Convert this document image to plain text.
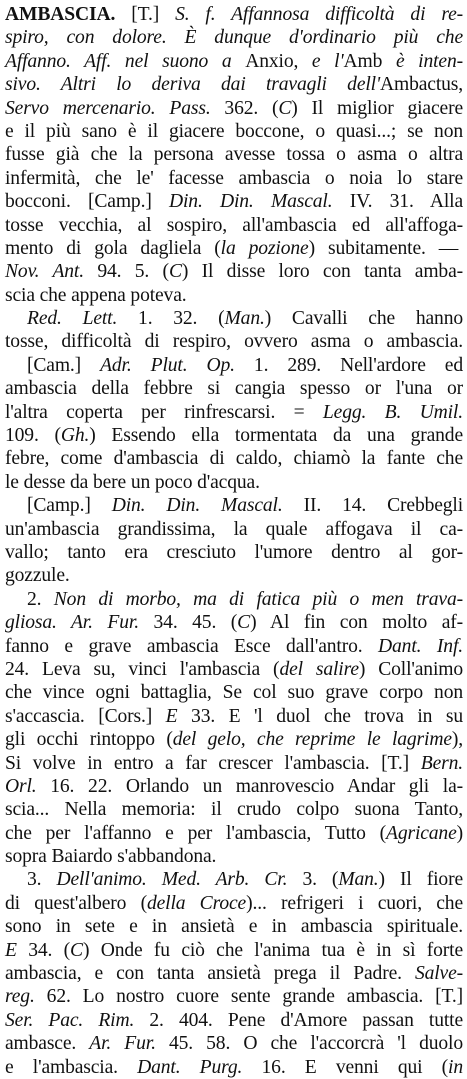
AMBASCIA. [T.] S. f. Affannosa difficoltà di re-
spiro, con dolore. È dunque d'ordinario più che
Affanno. Aff. nel suono a Anxio, e l'Amb è inten-
sivo. Altri lo deriva dai travagli dell'Ambactus,
Servo mercenario. Pass. 362. (C) Il miglior giacere
e il più sano è il giacere boccone, o quasi...; se non
fusse già che la persona avesse tossa o asma o altra
infermità, che le' facesse ambascia o noia lo stare
bocconi. [Camp.] Din. Din. Mascal. IV. 31. Alla
tosse vecchia, al sospiro, all'ambascia ed all'affoga-
mento di gola dagliela (la pozione) subitamente. —
Nov. Ant. 94. 5. (C) Il disse loro con tanta amba-
scia che appena poteva.
Red. Lett. 1. 32. (Man.) Cavalli che hanno
tosse, difficoltà di respiro, ovvero asma o ambascia.
[Cam.] Adr. Plut. Op. 1. 289. Nell'ardore ed
ambascia della febbre si cangia spesso or l'una or
l'altra coperta per rinfrescarsi. = Legg. B. Umil.
109. (Gh.) Essendo ella tormentata da una grande
febre, come d'ambascia di caldo, chiamò la fante che
le desse da bere un poco d'acqua.
[Camp.] Din. Din. Mascal. II. 14. Crebbegli
un'ambascia grandissima, la quale affogava il ca-
vallo; tanto era cresciuto l'umore dentro al gor-
gozzule.
2. Non di morbo, ma di fatica più o men trava-
gliosa. Ar. Fur. 34. 45. (C) Al fin con molto af-
fanno e grave ambascia Esce dall'antro. Dant. Inf.
24. Leva su, vinci l'ambascia (del salire) Coll'animo
che vince ogni battaglia, Se col suo grave corpo non
s'accascia. [Cors.] E 33. E 'l duol che trova in su
gli occhi rintoppo (del gelo, che reprime le lagrime),
Si volve in entro a far crescer l'ambascia. [T.] Bern.
Orl. 16. 22. Orlando un manrovescio Andar gli la-
scia... Nella memoria: il crudo colpo suona Tanto,
che per l'affanno e per l'ambascia, Tutto (Agricane)
sopra Baiardo s'abbandona.
3. Dell'animo. Med. Arb. Cr. 3. (Man.) Il fiore
di quest'albero (della Croce)... refrigeri i cuori, che
sono in sete e in ansietà e in ambascia spirituale.
E 34. (C) Onde fu ciò che l'anima tua è in sì forte
ambascia, e con tanta ansietà prega il Padre. Salve-
reg. 62. Lo nostro cuore sente grande ambascia. [T.]
Ser. Pac. Rim. 2. 404. Pene d'Amore passan tutte
ambasce. Ar. Fur. 45. 58. O che l'accorcrà 'l duolo
e l'ambascia. Dant. Purg. 16. E venni qui (in
